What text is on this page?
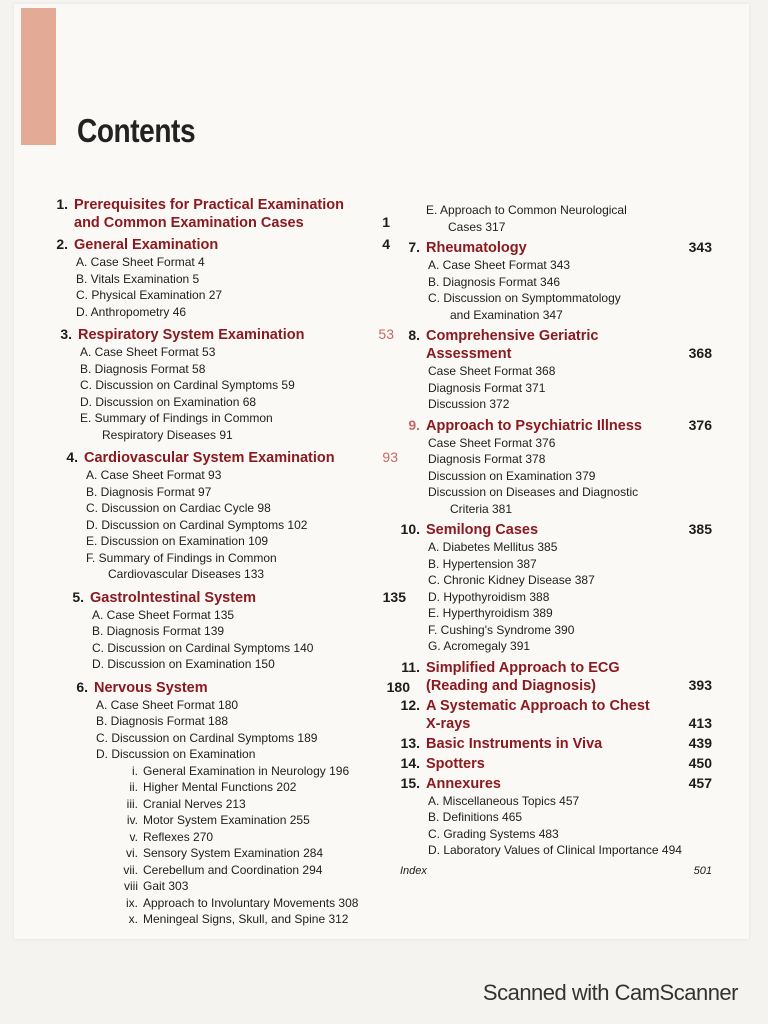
Contents
1. Prerequisites for Practical Examination
and Common Examination Cases	1
2. General Examination	4
A. Case Sheet Format 4
B. Vitals Examination 5
C. Physical Examination 27
D. Anthropometry 46
3. Respiratory System Examination	53
A. Case Sheet Format 53
B. Diagnosis Format 58
C. Discussion on Cardinal Symptoms 59
D. Discussion on Examination 68
E. Summary of Findings in Common
Respiratory Diseases 91
4. Cardiovascular System Examination	93
A. Case Sheet Format 93
B. Diagnosis Format 97
C. Discussion on Cardiac Cycle 98
D. Discussion on Cardinal Symptoms 102
E. Discussion on Examination 109
F. Summary of Findings in Common
Cardiovascular Diseases 133
5. Gastrolntestinal System	135
A. Case Sheet Format 135
B. Diagnosis Format 139
C. Discussion on Cardinal Symptoms 140
D. Discussion on Examination 150
6. Nervous System	180
A. Case Sheet Format 180
B. Diagnosis Format 188
C. Discussion on Cardinal Symptoms 189
D. Discussion on Examination
i. General Examination in Neurology 196
ii. Higher Mental Functions 202
iii. Cranial Nerves 213
iv. Motor System Examination 255
v. Reflexes 270
vi. Sensory System Examination 284
vii. Cerebellum and Coordination 294
viii Gait 303
ix. Approach to Involuntary Movements 308
x. Meningeal Signs, Skull, and Spine 312
E. Approach to Common Neurological
Cases 317
7. Rheumatology	343
A. Case Sheet Format 343
B. Diagnosis Format 346
C. Discussion on Symptommatology
and Examination 347
8. Comprehensive Geriatric
Assessment	368
Case Sheet Format 368
Diagnosis Format 371
Discussion 372
9. Approach to Psychiatric Illness	376
Case Sheet Format 376
Diagnosis Format 378
Discussion on Examination 379
Discussion on Diseases and Diagnostic
Criteria 381
10. Semilong Cases	385
A. Diabetes Mellitus 385
B. Hypertension 387
C. Chronic Kidney Disease 387
D. Hypothyroidism 388
E. Hyperthyroidism 389
F. Cushing's Syndrome 390
G. Acromegaly 391
11. Simplified Approach to ECG
(Reading and Diagnosis)	393
12. A Systematic Approach to Chest
X-rays	413
13. Basic Instruments in Viva	439
14. Spotters	450
15. Annexures	457
A. Miscellaneous Topics 457
B. Definitions 465
C. Grading Systems 483
D. Laboratory Values of Clinical Importance 494
Index	501
Scanned with CamScanner
